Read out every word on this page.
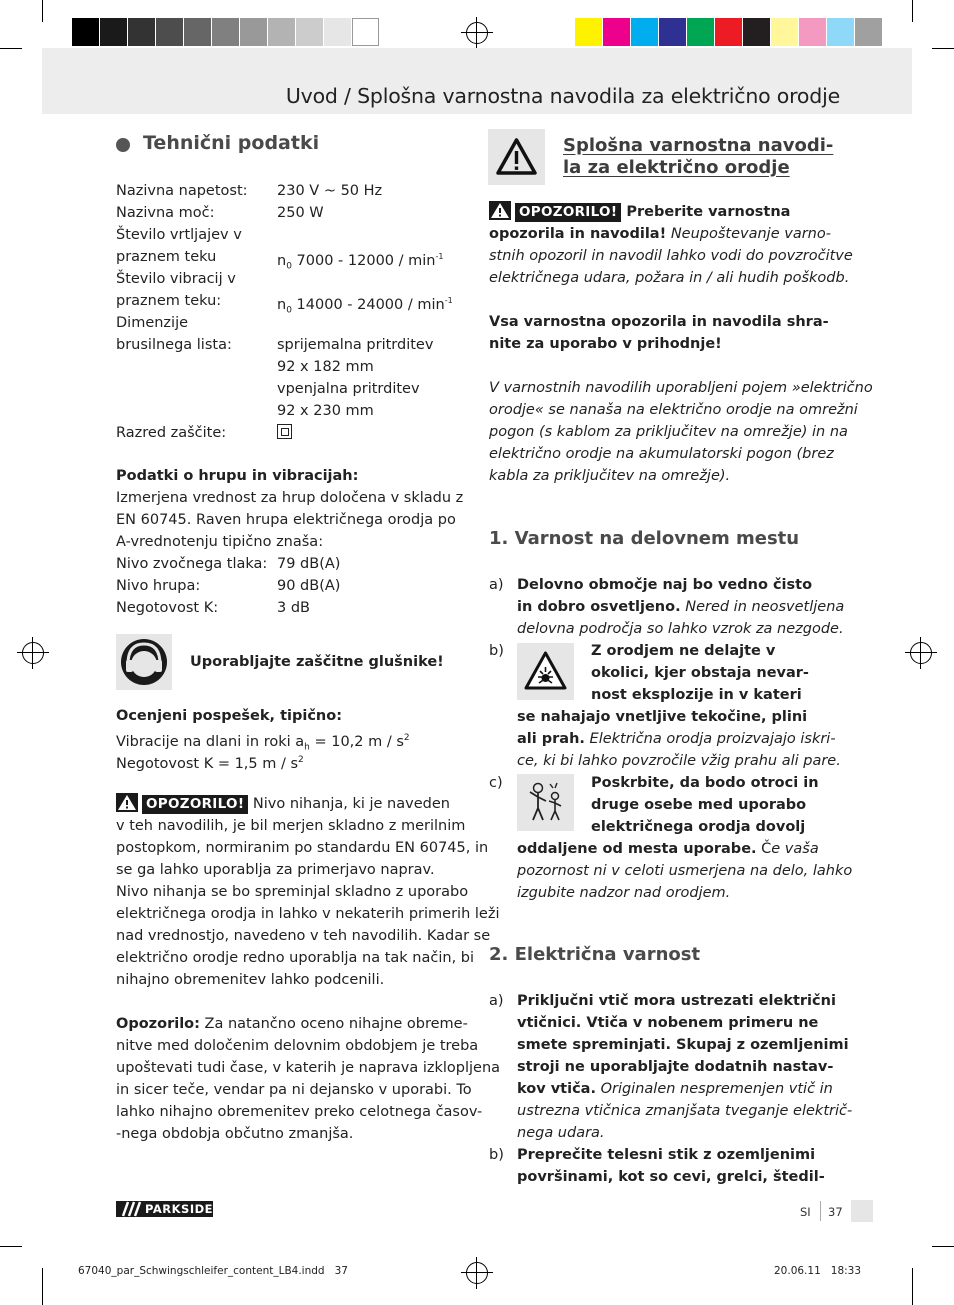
Uvod / Splošna varnostna navodila za električno orodje
Tehnični podatki
Nazivna napetost: 230 V ~ 50 Hz
Nazivna moč:	250 W
Število vrtljajev v
praznem teku	$n_0$ $7000 - 12000 / \min^{-1}$
Število vibracij v
praznem teku:	$n_0$ $14000 - 24000 / \min^{-1}$
Dimenzije
brusilnega lista:	sprijemalna pritrditev
92 x 182 mm
vpenjalna pritrditev
92 x 230 mm
Razred zaščite:
Podatki o hrupu in vibracijah:
Izmerjena vrednost za hrup določena v skladu z
EN 60745. Raven hrupa električnega orodja po
A-vrednotenju tipično znaša:
Nivo zvočnega tlaka: 79 dB(A)
Nivo hrupa:	90 dB(A)
Negotovost K:	3 dB
Uporabljajte zaščitne glušnike!
Ocenjeni pospešek, tipično:
Vibracije na dlani in roki $a_h = 10,2$ m / $s^2$
Negotovost K = 1,5 m / $s^2$
OPOZORILO! Nivo nihanja, ki je naveden
v teh navodilih, je bil merjen skladno z merilnim
postopkom, normiranim po standardu EN 60745, in
se ga lahko uporablja za primerjavo naprav.
Nivo nihanja se bo spreminjal skladno z uporabo
električnega orodja in lahko v nekaterih primerih leži
nad vrednostjo, navedeno v teh navodilih. Kadar se
električno orodje redno uporablja na tak način, bi
nihajno obremenitev lahko podcenili.
Opozorilo: Za natančno oceno nihajne obreme-
nitve med določenim delovnim obdobjem je treba
upoštevati tudi čase, v katerih je naprava izklopljena
in sicer teče, vendar pa ni dejansko v uporabi. To
lahko nihajno obremenitev preko celotnega časov-
-nega obdobja občutno zmanjša.
Splošna varnostna navodi-
la za električno orodje
OPOZORILO! Preberite varnostna
opozorila in navodila! Neupoštevanje varno-
stnih opozoril in navodil lahko vodi do povzročitve
električnega udara, požara in / ali hudih poškodb.
Vsa varnostna opozorila in navodila shra-
nite za uporabo v prihodnje!
V varnostnih navodilih uporabljeni pojem »električno
orodje« se nanaša na električno orodje na omrežni
pogon (s kablom za priključitev na omrežje) in na
električno orodje na akumulatorski pogon (brez
kabla za priključitev na omrežje).
1. Varnost na delovnem mestu
a) Delovno območje naj bo vedno čisto
in dobro osvetljeno. Nered in neosvetljena
delovna področja so lahko vzrok za nezgode.
b)	Z orodjem ne delajte v
okolici, kjer obstaja nevar-
nost eksplozije in v kateri
se nahajajo vnetljive tekočine, plini
ali prah. Električna orodja proizvajajo iskri-
ce, ki bi lahko povzročile vžig prahu ali pare.
c)	Poskrbite, da bodo otroci in
druge osebe med uporabo
električnega orodja dovolj
oddaljene od mesta uporabe. Če vaša
pozornost ni v celoti usmerjena na delo, lahko
izgubite nadzor nad orodjem.
2. Električna varnost
a) Priključni vtič mora ustrezati električni
vtičnici. Vtiča v nobenem primeru ne
smete spreminjati. Skupaj z ozemljenimi
stroji ne uporabljajte dodatnih nastav-
kov vtiča. Originalen nespremenjen vtič in
ustrezna vtičnica zmanjšata tveganje električ-
nega udara.
b) Preprečite telesni stik z ozemljenimi
površinami, kot so cevi, grelci, štedil-
PARKSIDE	SI 37
67040_par_Schwingschleifer_content_LB4.indd   37	20.06.11   18:33
